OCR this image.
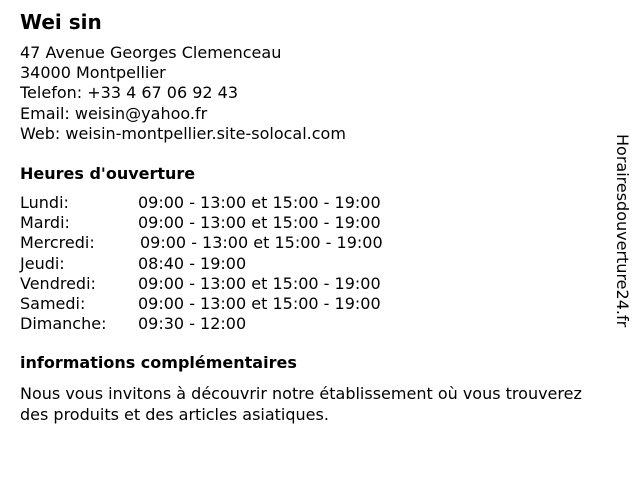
Wei sin
47 Avenue Georges Clemenceau
34000 Montpellier
Telefon: +33 4 67 06 92 43
Email: weisin@yahoo.fr
Web: weisin-montpellier.site-solocal.com
Heures d'ouverture
Lundi:	09:00 - 13:00 et 15:00 - 19:00
Mardi:	09:00 - 13:00 et 15:00 - 19:00
Mercredi:	09:00 - 13:00 et 15:00 - 19:00
Jeudi:	08:40 - 19:00
Vendredi:	09:00 - 13:00 et 15:00 - 19:00
Samedi:	09:00 - 13:00 et 15:00 - 19:00
Dimanche: 09:30 - 12:00
informations complémentaires
Nous vous invitons à découvrir notre établissement où vous trouverez
des produits et des articles asiatiques.
Horairesdouverture24.fr
